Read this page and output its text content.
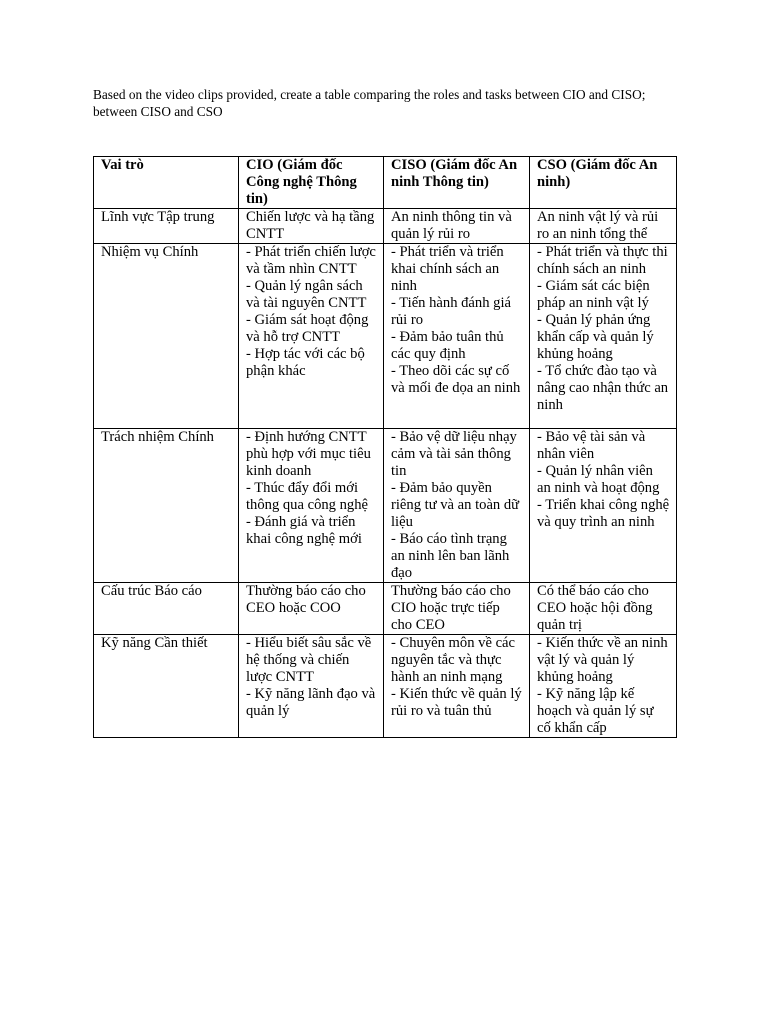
Based on the video clips provided, create a table comparing the roles and tasks between CIO and CISO; between CISO and CSO

Vai trò	CIO (Giám đốc Công nghệ Thông tin)	CISO (Giám đốc An ninh Thông tin)	CSO (Giám đốc An ninh)

Lĩnh vực Tập trung	Chiến lược và hạ tầng CNTT	An ninh thông tin và quản lý rủi ro	An ninh vật lý và rủi ro an ninh tổng thể

Nhiệm vụ Chính	- Phát triển chiến lược và tầm nhìn CNTT
- Quản lý ngân sách và tài nguyên CNTT
- Giám sát hoạt động và hỗ trợ CNTT
- Hợp tác với các bộ phận khác	- Phát triển và triển khai chính sách an ninh
- Tiến hành đánh giá rủi ro
- Đảm bảo tuân thủ các quy định
- Theo dõi các sự cố và mối đe dọa an ninh	- Phát triển và thực thi chính sách an ninh
- Giám sát các biện pháp an ninh vật lý
- Quản lý phản ứng khẩn cấp và quản lý khủng hoảng
- Tổ chức đào tạo và nâng cao nhận thức an ninh

Trách nhiệm Chính	- Định hướng CNTT phù hợp với mục tiêu kinh doanh
- Thúc đẩy đổi mới thông qua công nghệ
- Đánh giá và triển khai công nghệ mới	- Bảo vệ dữ liệu nhạy cảm và tài sản thông tin
- Đảm bảo quyền riêng tư và an toàn dữ liệu
- Báo cáo tình trạng an ninh lên ban lãnh đạo	- Bảo vệ tài sản và nhân viên
- Quản lý nhân viên an ninh và hoạt động
- Triển khai công nghệ và quy trình an ninh

Cấu trúc Báo cáo	Thường báo cáo cho CEO hoặc COO	Thường báo cáo cho CIO hoặc trực tiếp cho CEO	Có thể báo cáo cho CEO hoặc hội đồng quản trị

Kỹ năng Cần thiết	- Hiểu biết sâu sắc về hệ thống và chiến lược CNTT
- Kỹ năng lãnh đạo và quản lý	- Chuyên môn về các nguyên tắc và thực hành an ninh mạng
- Kiến thức về quản lý rủi ro và tuân thủ	- Kiến thức về an ninh vật lý và quản lý khủng hoảng
- Kỹ năng lập kế hoạch và quản lý sự cố khẩn cấp
